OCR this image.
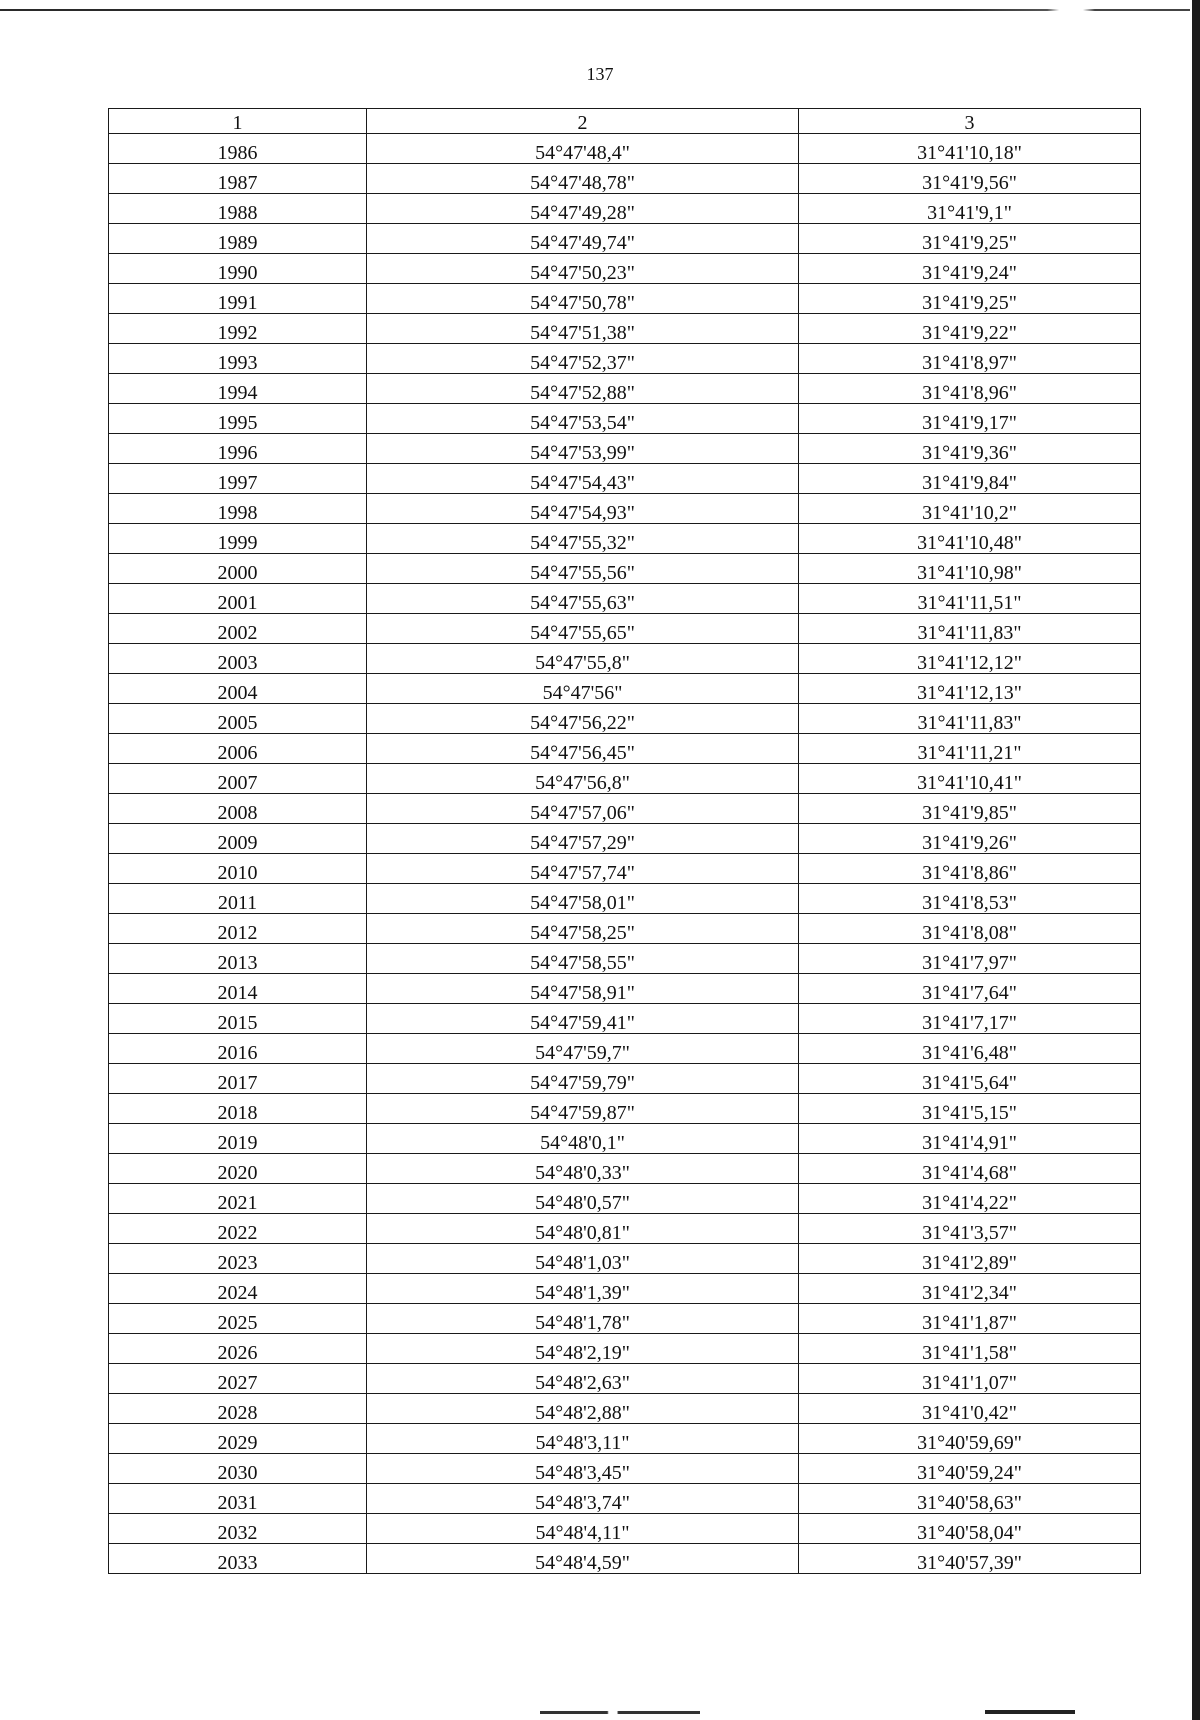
137
1	2	3
1986	54°47'48,4"	31°41'10,18"
1987	54°47'48,78"	31°41'9,56"
1988	54°47'49,28"	31°41'9,1"
1989	54°47'49,74"	31°41'9,25"
1990	54°47'50,23"	31°41'9,24"
1991	54°47'50,78"	31°41'9,25"
1992	54°47'51,38"	31°41'9,22"
1993	54°47'52,37"	31°41'8,97"
1994	54°47'52,88"	31°41'8,96"
1995	54°47'53,54"	31°41'9,17"
1996	54°47'53,99"	31°41'9,36"
1997	54°47'54,43"	31°41'9,84"
1998	54°47'54,93"	31°41'10,2"
1999	54°47'55,32"	31°41'10,48"
2000	54°47'55,56"	31°41'10,98"
2001	54°47'55,63"	31°41'11,51"
2002	54°47'55,65"	31°41'11,83"
2003	54°47'55,8"	31°41'12,12"
2004	54°47'56"	31°41'12,13"
2005	54°47'56,22"	31°41'11,83"
2006	54°47'56,45"	31°41'11,21"
2007	54°47'56,8"	31°41'10,41"
2008	54°47'57,06"	31°41'9,85"
2009	54°47'57,29"	31°41'9,26"
2010	54°47'57,74"	31°41'8,86"
2011	54°47'58,01"	31°41'8,53"
2012	54°47'58,25"	31°41'8,08"
2013	54°47'58,55"	31°41'7,97"
2014	54°47'58,91"	31°41'7,64"
2015	54°47'59,41"	31°41'7,17"
2016	54°47'59,7"	31°41'6,48"
2017	54°47'59,79"	31°41'5,64"
2018	54°47'59,87"	31°41'5,15"
2019	54°48'0,1"	31°41'4,91"
2020	54°48'0,33"	31°41'4,68"
2021	54°48'0,57"	31°41'4,22"
2022	54°48'0,81"	31°41'3,57"
2023	54°48'1,03"	31°41'2,89"
2024	54°48'1,39"	31°41'2,34"
2025	54°48'1,78"	31°41'1,87"
2026	54°48'2,19"	31°41'1,58"
2027	54°48'2,63"	31°41'1,07"
2028	54°48'2,88"	31°41'0,42"
2029	54°48'3,11"	31°40'59,69"
2030	54°48'3,45"	31°40'59,24"
2031	54°48'3,74"	31°40'58,63"
2032	54°48'4,11"	31°40'58,04"
2033	54°48'4,59"	31°40'57,39"
